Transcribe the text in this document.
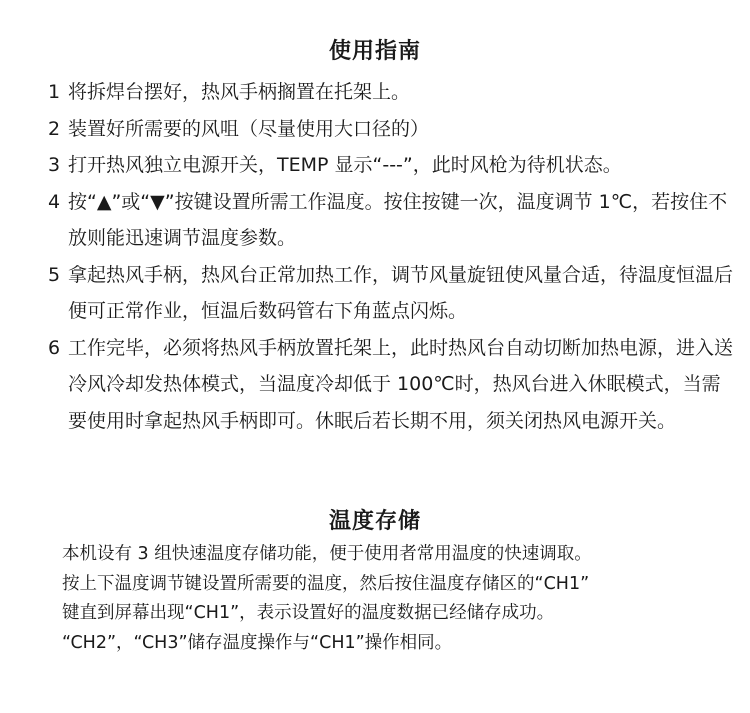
使用指南
1 将拆焊台摆好，热风手柄搁置在托架上。
2 装置好所需要的风咀（尽量使用大口径的）
3 打开热风独立电源开关，TEMP 显示“---”，此时风枪为待机状态。
4 按“▲”或“▼”按键设置所需工作温度。按住按键一次，温度调节 1℃，若按住不放则能迅速调节温度参数。
5 拿起热风手柄，热风台正常加热工作，调节风量旋钮使风量合适，待温度恒温后便可正常作业，恒温后数码管右下角蓝点闪烁。
6 工作完毕，必须将热风手柄放置托架上，此时热风台自动切断加热电源，进入送 冷风冷却发热体模式，当温度冷却低于 100℃时，热风台进入休眠模式，当需要使用时拿起热风手柄即可。休眠后若长期不用，须关闭热风电源开关。
温度存储

本机设有 3 组快速温度存储功能，便于使用者常用温度的快速调取。

按上下温度调节键设置所需要的温度，然后按住温度存储区的“CH1”

键直到屏幕出现“CH1”，表示设置好的温度数据已经储存成功。

“CH2”，“CH3”储存温度操作与“CH1”操作相同。
